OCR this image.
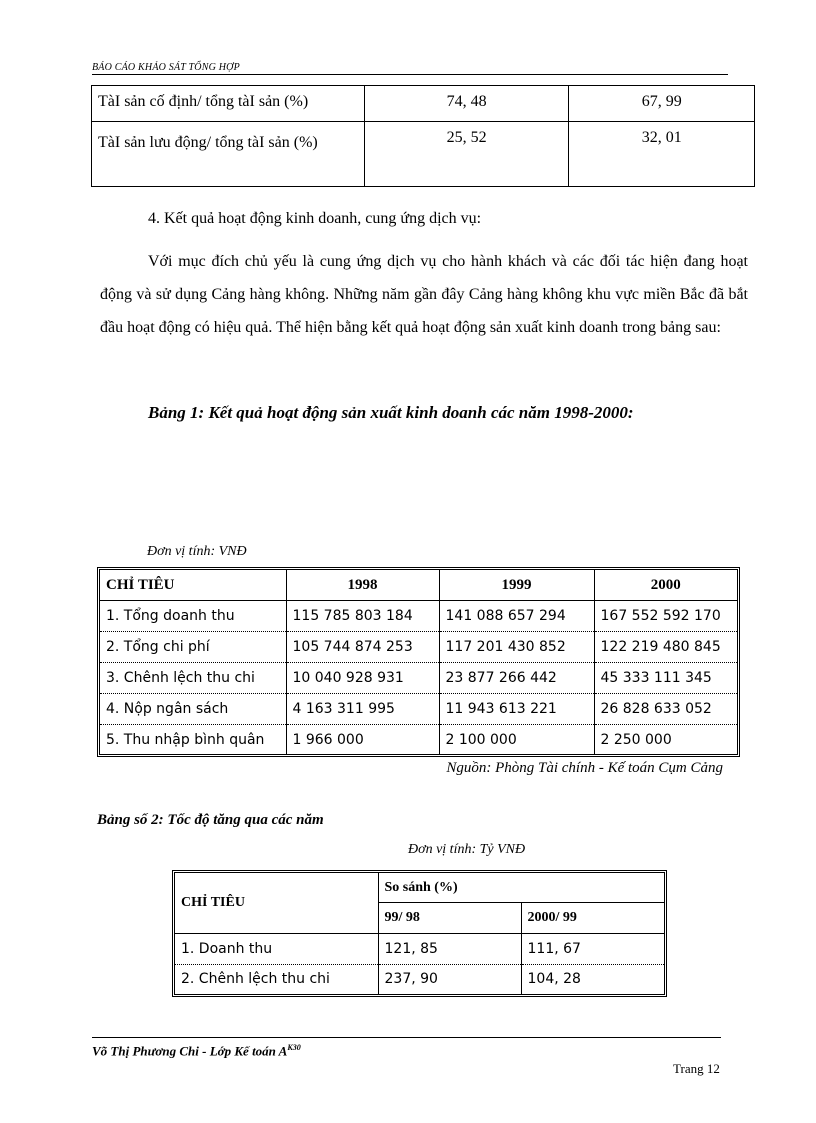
BÁO CÁO KHẢO SÁT TỔNG HỢP
TàI sản cố định/ tổng tàI sản (%)	74, 48	67, 99
TàI sản lưu động/ tổng tàI sản (%)	25, 52	32, 01
4. Kết quả hoạt động kinh doanh, cung ứng dịch vụ:
Với mục đích chủ yếu là cung ứng dịch vụ cho hành khách và các đối tác hiện đang hoạt động và sử dụng Cảng hàng không. Những năm gần đây Cảng hàng không khu vực miền Bắc đã bắt đầu hoạt động có hiệu quả. Thể hiện bằng kết quả hoạt động sản xuất kinh doanh trong bảng sau:
Bảng 1: Kết quả hoạt động sản xuất kinh doanh các năm 1998-2000:
Đơn vị tính: VNĐ
CHỈ TIÊU	1998	1999	2000
1. Tổng doanh thu	115 785 803 184	141 088 657 294	167 552 592 170
2. Tổng chi phí	105 744 874 253	117 201 430 852	122 219 480 845
3. Chênh lệch thu chi	10 040 928 931	23 877 266 442	45 333 111 345
4. Nộp ngân sách	4 163 311 995	11 943 613 221	26 828 633 052
5. Thu nhập bình quân	1 966 000	2 100 000	2 250 000
Nguồn: Phòng Tài chính - Kế toán Cụm Cảng
Bảng số 2: Tốc độ tăng qua các năm
Đơn vị tính: Tỷ VNĐ
CHỈ TIÊU	So sánh (%)	
	99/ 98	2000/ 99
1. Doanh thu	121, 85	111, 67
2. Chênh lệch thu chi	237, 90	104, 28
Võ Thị Phương Chi - Lớp Kế toán $A^{K30}$
Trang 12
